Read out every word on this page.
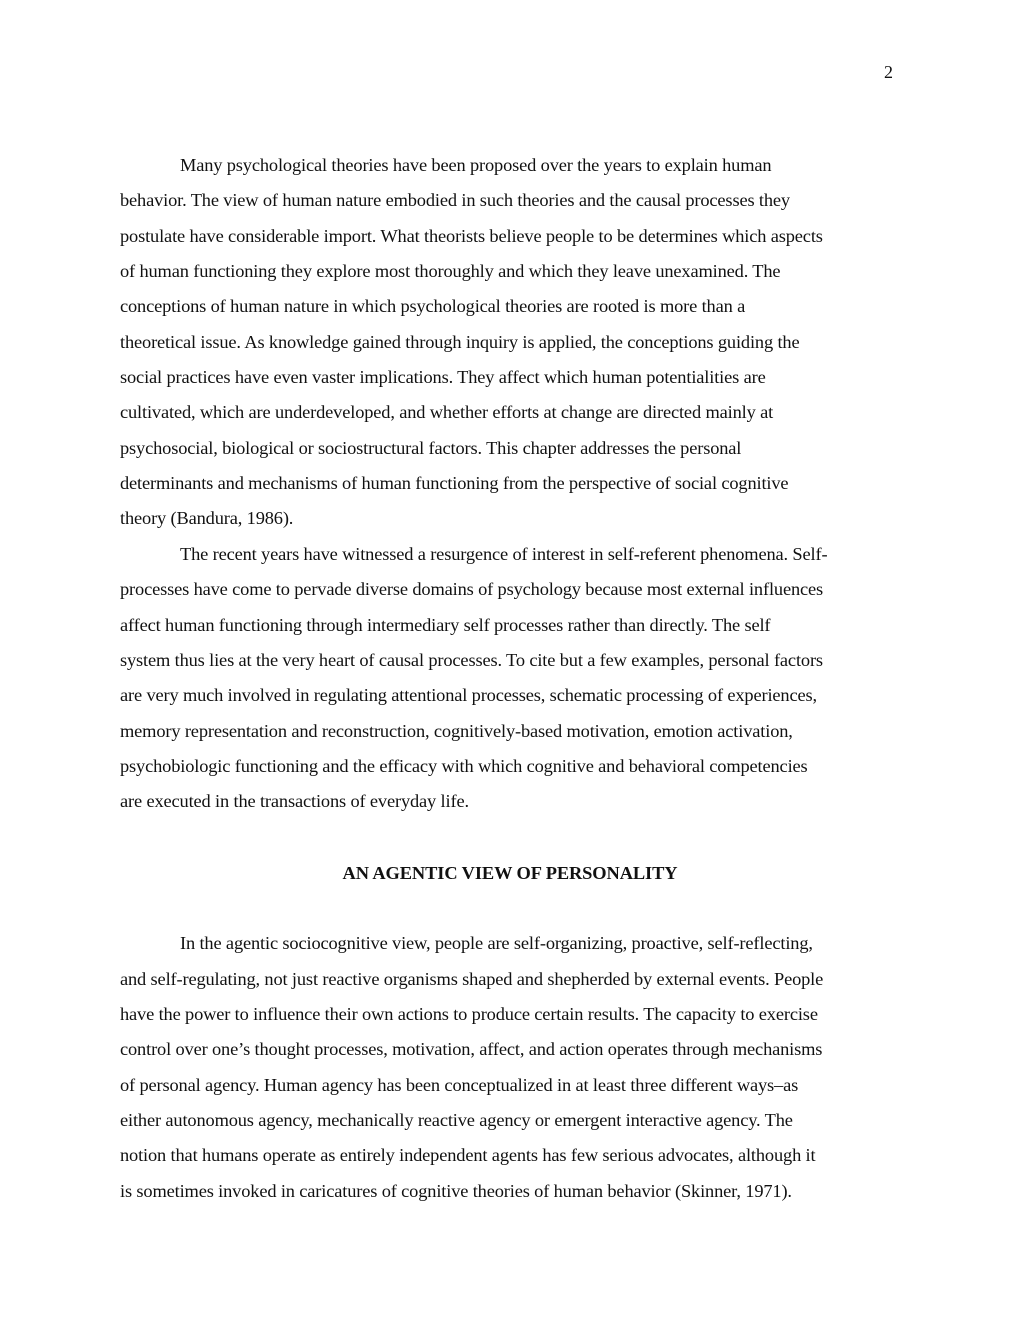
2
Many psychological theories have been proposed over the years to explain human
behavior. The view of human nature embodied in such theories and the causal processes they
postulate have considerable import. What theorists believe people to be determines which aspects
of human functioning they explore most thoroughly and which they leave unexamined. The
conceptions of human nature in which psychological theories are rooted is more than a
theoretical issue. As knowledge gained through inquiry is applied, the conceptions guiding the
social practices have even vaster implications. They affect which human potentialities are
cultivated, which are underdeveloped, and whether efforts at change are directed mainly at
psychosocial, biological or sociostructural factors. This chapter addresses the personal
determinants and mechanisms of human functioning from the perspective of social cognitive
theory (Bandura, 1986).
The recent years have witnessed a resurgence of interest in self-referent phenomena. Self-
processes have come to pervade diverse domains of psychology because most external influences
affect human functioning through intermediary self processes rather than directly. The self
system thus lies at the very heart of causal processes. To cite but a few examples, personal factors
are very much involved in regulating attentional processes, schematic processing of experiences,
memory representation and reconstruction, cognitively-based motivation, emotion activation,
psychobiologic functioning and the efficacy with which cognitive and behavioral competencies
are executed in the transactions of everyday life.
AN AGENTIC VIEW OF PERSONALITY
In the agentic sociocognitive view, people are self-organizing, proactive, self-reflecting,
and self-regulating, not just reactive organisms shaped and shepherded by external events. People
have the power to influence their own actions to produce certain results. The capacity to exercise
control over one’s thought processes, motivation, affect, and action operates through mechanisms
of personal agency. Human agency has been conceptualized in at least three different ways–as
either autonomous agency, mechanically reactive agency or emergent interactive agency. The
notion that humans operate as entirely independent agents has few serious advocates, although it
is sometimes invoked in caricatures of cognitive theories of human behavior (Skinner, 1971).
